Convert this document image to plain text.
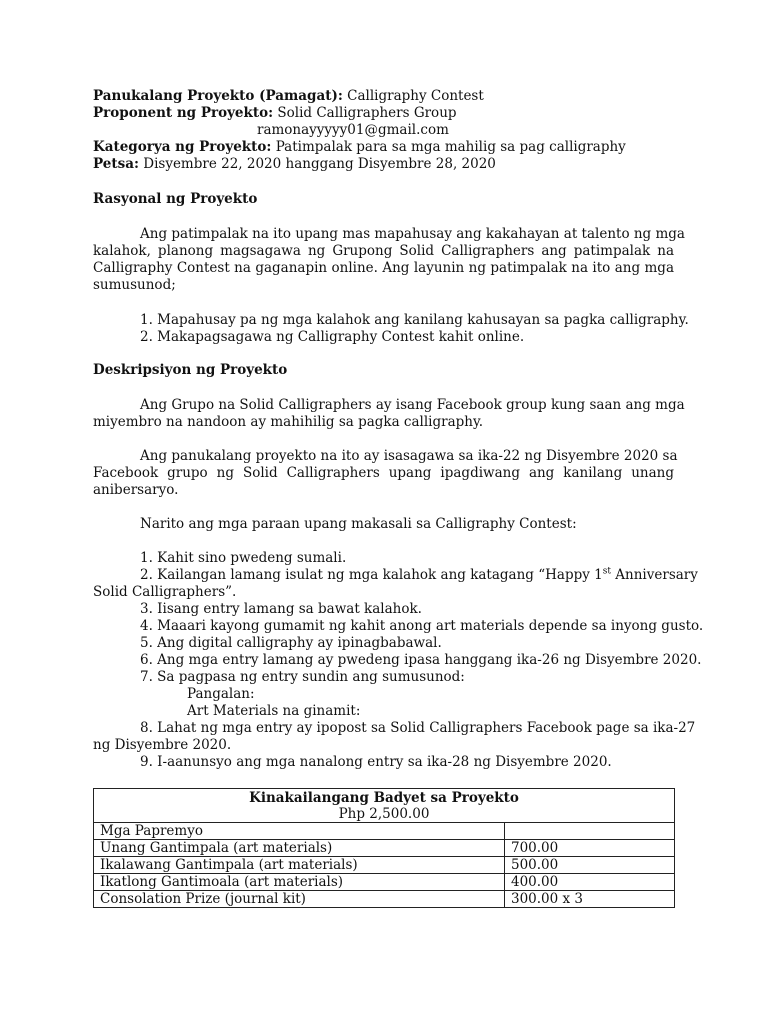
Panukalang Proyekto (Pamagat): Calligraphy Contest
Proponent ng Proyekto: Solid Calligraphers Group
ramonayyyyy01@gmail.com
Kategorya ng Proyekto: Patimpalak para sa mga mahilig sa pag calligraphy
Petsa: Disyembre 22, 2020 hanggang Disyembre 28, 2020
Rasyonal ng Proyekto
Ang patimpalak na ito upang mas mapahusay ang kakahayan at talento ng mga
kalahok, planong magsagawa ng Grupong Solid Calligraphers ang patimpalak na
Calligraphy Contest na gaganapin online. Ang layunin ng patimpalak na ito ang mga
sumusunod;
1. Mapahusay pa ng mga kalahok ang kanilang kahusayan sa pagka calligraphy.
2. Makapagsagawa ng Calligraphy Contest kahit online.
Deskripsiyon ng Proyekto
Ang Grupo na Solid Calligraphers ay isang Facebook group kung saan ang mga
miyembro na nandoon ay mahihilig sa pagka calligraphy.
Ang panukalang proyekto na ito ay isasagawa sa ika-22 ng Disyembre 2020 sa
Facebook grupo ng Solid Calligraphers upang ipagdiwang ang kanilang unang
anibersaryo.
Narito ang mga paraan upang makasali sa Calligraphy Contest:
1. Kahit sino pwedeng sumali.
2. Kailangan lamang isulat ng mga kalahok ang katagang “Happy 1st Anniversary
Solid Calligraphers”.
3. Iisang entry lamang sa bawat kalahok.
4. Maaari kayong gumamit ng kahit anong art materials depende sa inyong gusto.
5. Ang digital calligraphy ay ipinagbabawal.
6. Ang mga entry lamang ay pwedeng ipasa hanggang ika-26 ng Disyembre 2020.
7. Sa pagpasa ng entry sundin ang sumusunod:
Pangalan:
Art Materials na ginamit:
8. Lahat ng mga entry ay ipopost sa Solid Calligraphers Facebook page sa ika-27
ng Disyembre 2020.
9. I-aanunsyo ang mga nanalong entry sa ika-28 ng Disyembre 2020.
Kinakailangang Badyet sa Proyekto
Php 2,500.00	
Mga Papremyo	
Unang Gantimpala (art materials)	700.00
Ikalawang Gantimpala (art materials)	500.00
Ikatlong Gantimoala (art materials)	400.00
Consolation Prize (journal kit)	300.00 x 3
